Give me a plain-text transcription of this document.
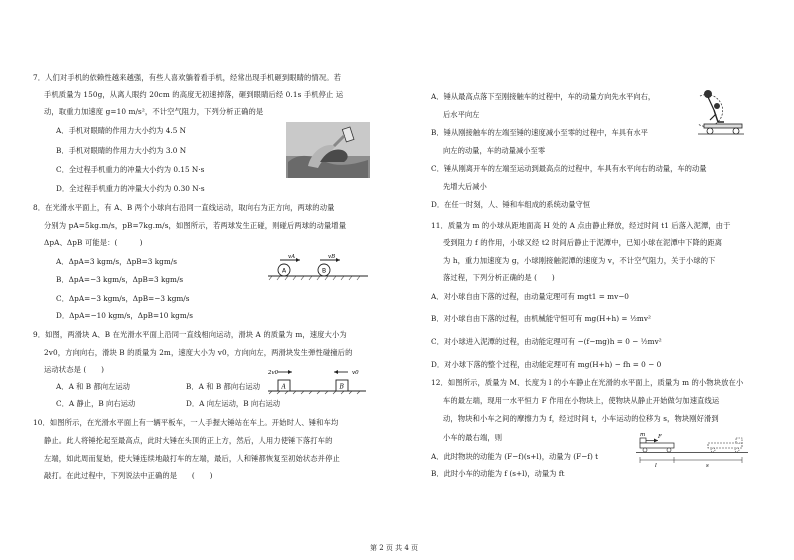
7．人们对手机的依赖性越来越强，有些人喜欢躺着看手机，经常出现手机砸到眼睛的情况。若
手机质量为 150g，从离人眼约 20cm 的高度无初速掉落，砸到眼睛后经 0.1s 手机停止 运
动，取重力加速度 g=10 m/s²，不计空气阻力，下列分析正确的是
A．手机对眼睛的作用力大小约为 4.5 N
B．手机对眼睛的作用力大小约为 3.0 N
C．全过程手机重力的冲量大小约为 0.15 N·s
D．全过程手机重力的冲量大小约为 0.30 N·s
8．在光滑水平面上，有 A、B 两个小球向右沿同一直线运动，取向右为正方向，两球的动量
分别为 pA=5kg.m/s，pB=7kg.m/s，如图所示，若两球发生正碰，则碰后两球的动量增量
ΔpA、ΔpB 可能是：(　　　)
A．ΔpA=3 kgm/s，ΔpB=3 kgm/s
B．ΔpA=−3 kgm/s，ΔpB=3 kgm/s
C．ΔpA=−3 kgm/s，ΔpB=−3 kgm/s
D．ΔpA=−10 kgm/s，ΔpB=10 kgm/s
A	B
vA	vB
9．如图，两滑块 A、B 在光滑水平面上沿同一直线相向运动，滑块 A 的质量为 m，速度大小为
2v0，方向向右，滑块 B 的质量为 2m，速度大小为 v0，方向向左，两滑块发生弹性碰撞后的
运动状态是 (　　)
A．A 和 B 都向左运动	B．A 和 B 都向右运动
C．A 静止，B 向右运动	D．A 向左运动，B 向右运动
A	B
2v0	v0
10．如图所示，在光滑水平面上有一辆平板车，一人手握大锤站在车上。开始时人、锤和车均
静止。此人将锤抡起至最高点，此时大锤在头顶的正上方，然后，人用力使锤下落打车的
左端，如此周而复始，使大锤连续地敲打车的左端，最后，人和锤都恢复至初始状态并停止
敲打。在此过程中，下列说法中正确的是　　(　　)
A．锤从最高点落下至刚接触车的过程中，车的动量方向先水平向右，
后水平向左
B．锤从刚接触车的左端至锤的速度减小至零的过程中，车具有水平
向左的动量，车的动量减小至零
C．锤从刚离开车的左端至运动到最高点的过程中，车具有水平向右的动量，车的动量
先增大后减小
D．在任一时刻，人、锤和车组成的系统动量守恒
11．质量为 m 的小球从距地面高 H 处的 A 点由静止释放，经过时间 t1 后落入泥潭，由于
受到阻力 f 的作用，小球又经 t2 时间后静止于泥潭中，已知小球在泥潭中下降的距离
为 h，重力加速度为 g，小球刚接触泥潭的速度为 v，不计空气阻力，关于小球的下
落过程，下列分析正确的是 (　　)
A．对小球自由下落的过程，由动量定理可有 mgt1 = mv−0
B．对小球自由下落的过程，由机械能守恒可有 mg(H+h) = ½mv²
C．对小球进入泥潭的过程，由动能定理可有 −(f−mg)h = 0 − ½mv²
D．对小球下落的整个过程，由动能定理可有 mg(H+h) − fh = 0 − 0
12．如图所示，质量为 M、长度为 l 的小车静止在光滑的水平面上，质量为 m 的小物块放在小
车的最左端，现用一水平恒力 F 作用在小物块上，使物块从静止开始做匀加速直线运
动，物块和小车之间的摩擦力为 f，经过时间 t，小车运动的位移为 s，物块刚好滑到
小车的最右端，则
A．此时物块的动能为 (F−f)(s+l)，动量为 (F−f) t
B．此时小车的动能为 f (s+l)，动量为 ft
m F
l	s
第 2 页 共 4 页
